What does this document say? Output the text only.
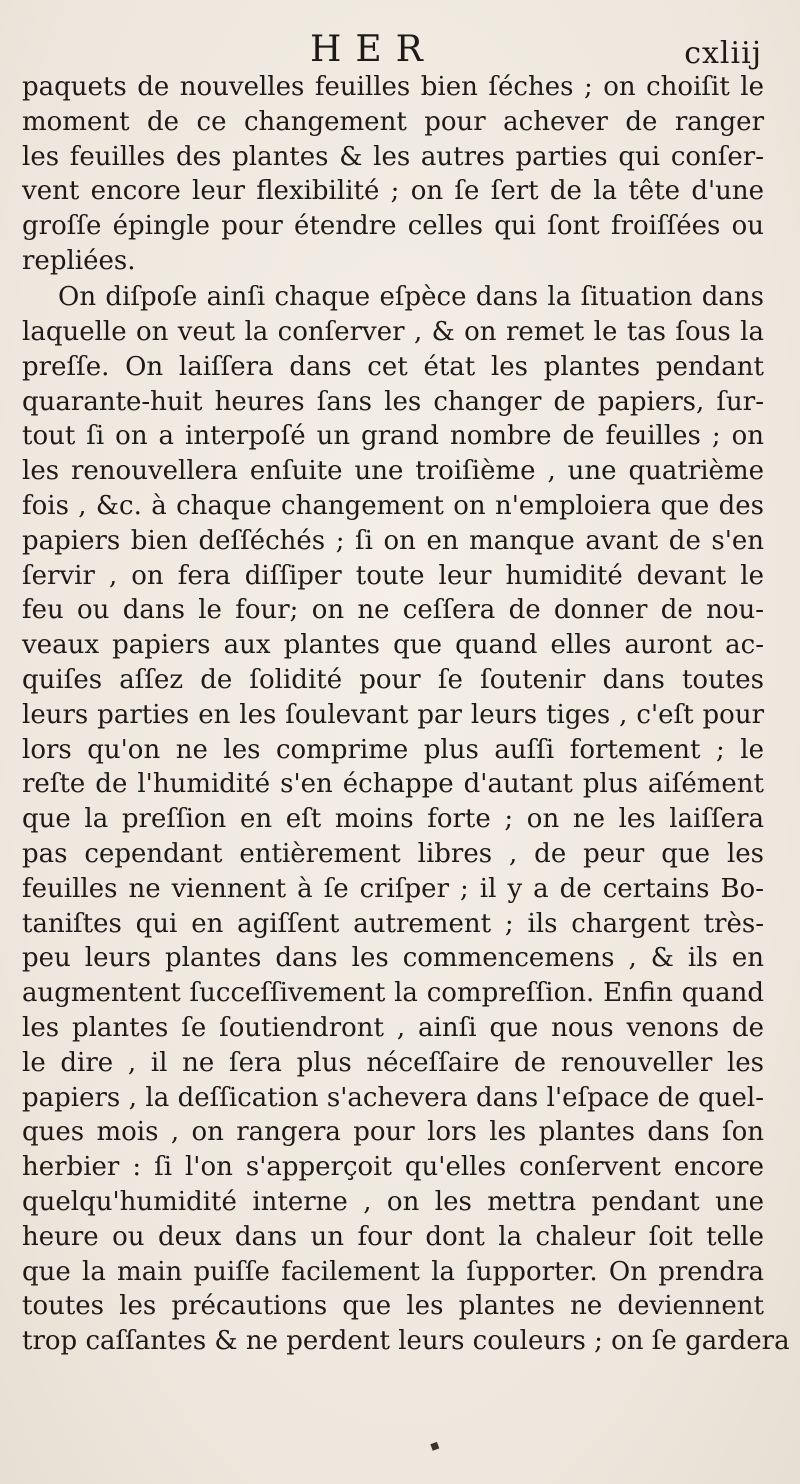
HER	cxliij
paquets de nouvelles feuilles bien ſéches ; on choiſit le
moment de ce changement pour achever de ranger
les feuilles des plantes & les autres parties qui conſer-
vent encore leur flexibilité ; on ſe ſert de la tête d'une
groſſe épingle pour étendre celles qui ſont froiſſées ou
repliées.
On diſpoſe ainſi chaque eſpèce dans la ſituation dans
laquelle on veut la conſerver , & on remet le tas ſous la
preſſe. On laiſſera dans cet état les plantes pendant
quarante-huit heures ſans les changer de papiers, ſur-
tout ſi on a interpoſé un grand nombre de feuilles ; on
les renouvellera enſuite une troiſième , une quatrième
fois , &c. à chaque changement on n'emploiera que des
papiers bien deſſéchés ; ſi on en manque avant de s'en
ſervir , on fera diſſiper toute leur humidité devant le
feu ou dans le four; on ne ceſſera de donner de nou-
veaux papiers aux plantes que quand elles auront ac-
quiſes aſſez de ſolidité pour ſe ſoutenir dans toutes
leurs parties en les ſoulevant par leurs tiges , c'eſt pour
lors qu'on ne les comprime plus auſſi fortement ; le
reſte de l'humidité s'en échappe d'autant plus aiſément
que la preſſion en eſt moins forte ; on ne les laiſſera
pas cependant entièrement libres , de peur que les
feuilles ne viennent à ſe criſper ; il y a de certains Bo-
taniſtes qui en agiſſent autrement ; ils chargent très-
peu leurs plantes dans les commencemens , & ils en
augmentent ſucceſſivement la compreſſion. Enfin quand
les plantes ſe ſoutiendront , ainſi que nous venons de
le dire , il ne ſera plus néceſſaire de renouveller les
papiers , la deſſication s'achevera dans l'eſpace de quel-
ques mois , on rangera pour lors les plantes dans ſon
herbier : ſi l'on s'apperçoit qu'elles conſervent encore
quelqu'humidité interne , on les mettra pendant une
heure ou deux dans un four dont la chaleur ſoit telle
que la main puiſſe facilement la ſupporter. On prendra
toutes les précautions que les plantes ne deviennent
trop caſſantes & ne perdent leurs couleurs ; on ſe gardera
▪
